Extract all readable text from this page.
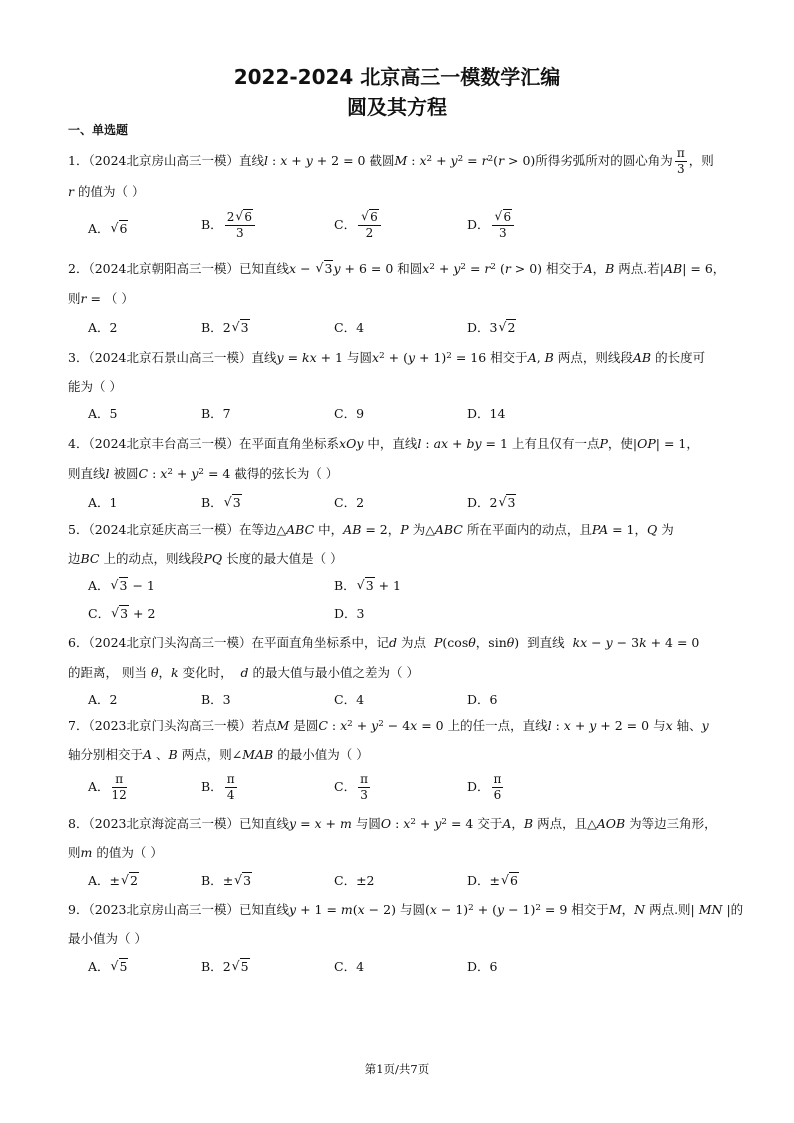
2022-2024 北京高三一模数学汇编
圆及其方程
一、单选题
1．（2024北京房山高三一模）直线l : x + y + 2 = 0 截圆M : $x^2 + y^2 = r^2(r > 0)$所得劣弧所对的圆心角为 $\frac{\pi}{3}$ ，则
r 的值为（ ）
A． √ 6	B． $\frac{2 √ 6}{3}$	C． √ $\frac{6}{2}$	D． √ $\frac{6}{3}$
2．（2024北京朝阳高三一模）已知直线x − √ 3y + 6 = 0 和圆$x^2 + y^2 = r^2$ (r > 0) 相交于A，B 两点.若|AB| = 6，
则r = （ ）
A．2	B．2 √ 3	C．4	D．3 √ 2
3．（2024北京石景山高三一模）直线y = kx + 1 与圆$x^2 + (y + 1)^2 = 16$ 相交于A, B 两点，则线段AB 的长度可
能为（ ）
A．5	B．7	C．9	D．14
4．（2024北京丰台高三一模）在平面直角坐标系xOy 中，直线l : ax + by = 1 上有且仅有一点P，使|OP| = 1，
则直线l 被圆C : $x^2 + y^2 = 4$ 截得的弦长为（ ）
A．1	B． √ 3	C．2	D．2 √ 3
5．（2024北京延庆高三一模）在等边△ABC 中，AB = 2，P 为△ABC 所在平面内的动点，且PA = 1，Q 为
边BC 上的动点，则线段PQ 长度的最大值是（ ）
A． √ 3 − 1	B． √ 3 + 1
C． √ 3 + 2	D．3
6．（2024北京门头沟高三一模）在平面直角坐标系中，记d 为点 P(cosθ，sinθ)  到直线 kx − y − 3k + 4 = 0
的距离， 则当 θ，k 变化时， d 的最大值与最小值之差为（ ）
A．2	B．3	C．4	D．6
7．（2023北京门头沟高三一模）若点M 是圆C : $x^2 + y^2 - 4x = 0$ 上的任一点，直线l : x + y + 2 = 0 与x 轴、y
轴分别相交于A 、B 两点，则∠MAB 的最小值为（ ）
A． $\frac{\pi}{12}$	B． $\frac{\pi}{4}$	C． $\frac{\pi}{3}$	D． $\frac{\pi}{6}$
8．（2023北京海淀高三一模）已知直线y = x + m 与圆O : $x^2 + y^2 = 4$ 交于A，B 两点，且△AOB 为等边三角形，
则m 的值为（ ）
A．± √ 2	B．± √ 3	C．±2	D．± √ 6
9．（2023北京房山高三一模）已知直线y + 1 = m(x − 2) 与圆$(x - 1)^2 + (y - 1)^2 = 9$ 相交于M，N 两点.则| MN |的
最小值为（ ）
A． √ 5	B．2 √ 5	C．4	D．6
第1页/共7页
